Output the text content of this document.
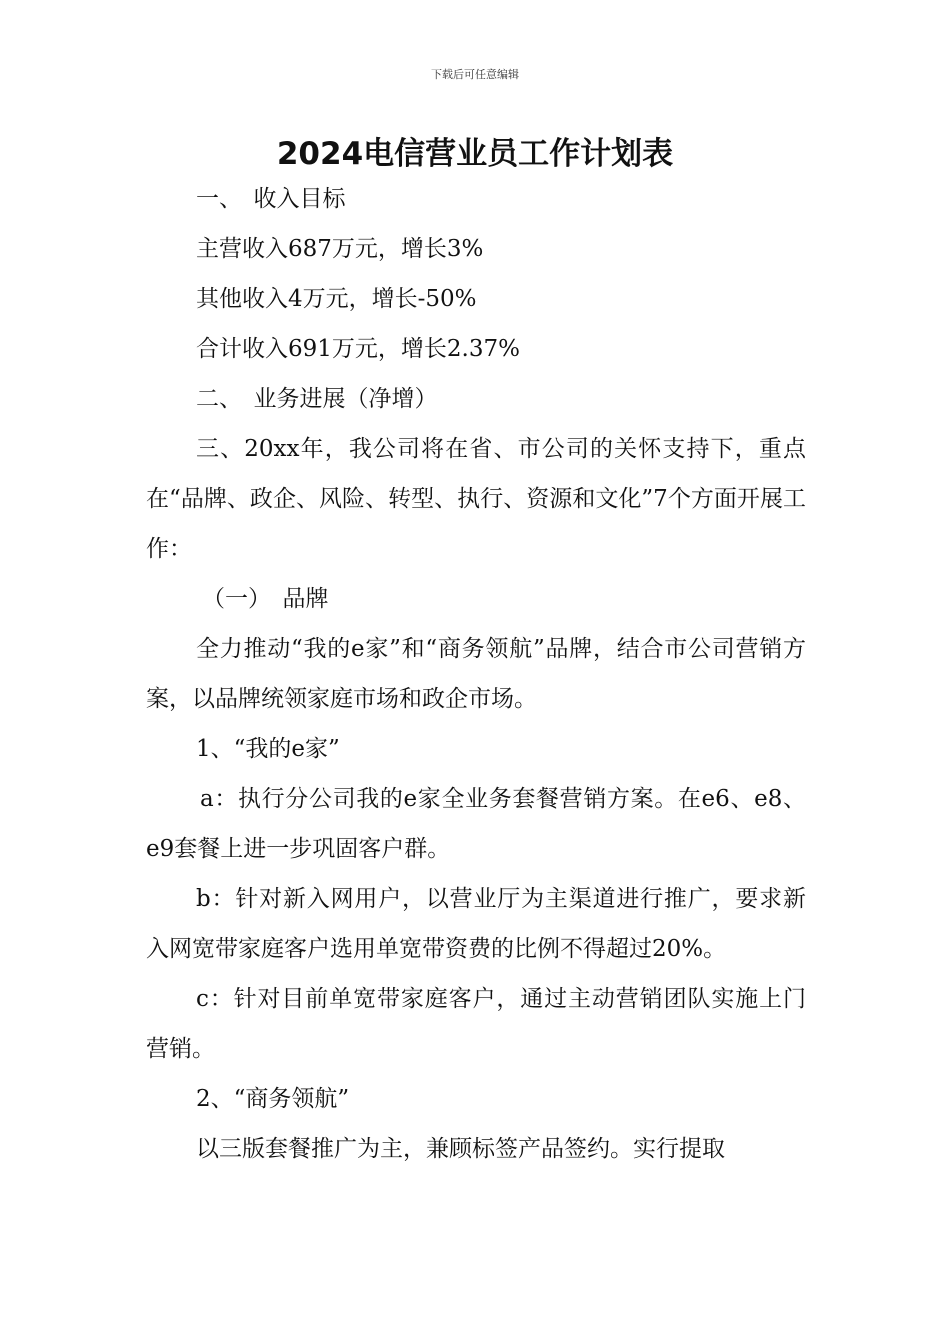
下载后可任意编辑
2024电信营业员工作计划表

一、　收入目标

主营收入687万元，增长3%

其他收入4万元，增长-50%

合计收入691万元，增长2.37%

二、　业务进展（净增）

三、20xx年，我公司将在省、市公司的关怀支持下，重点在“品牌、政企、风险、转型、执行、资源和文化”7个方面开展工作：

（一）　品牌

全力推动“我的e家”和“商务领航”品牌，结合市公司营销方案，以品牌统领家庭市场和政企市场。

1、“我的e家”

a：执行分公司我的e家全业务套餐营销方案。在e6、e8、e9套餐上进一步巩固客户群。

b：针对新入网用户，以营业厅为主渠道进行推广，要求新入网宽带家庭客户选用单宽带资费的比例不得超过20%。

c：针对目前单宽带家庭客户，通过主动营销团队实施上门营销。

2、“商务领航”

以三版套餐推广为主，兼顾标签产品签约。实行提取
